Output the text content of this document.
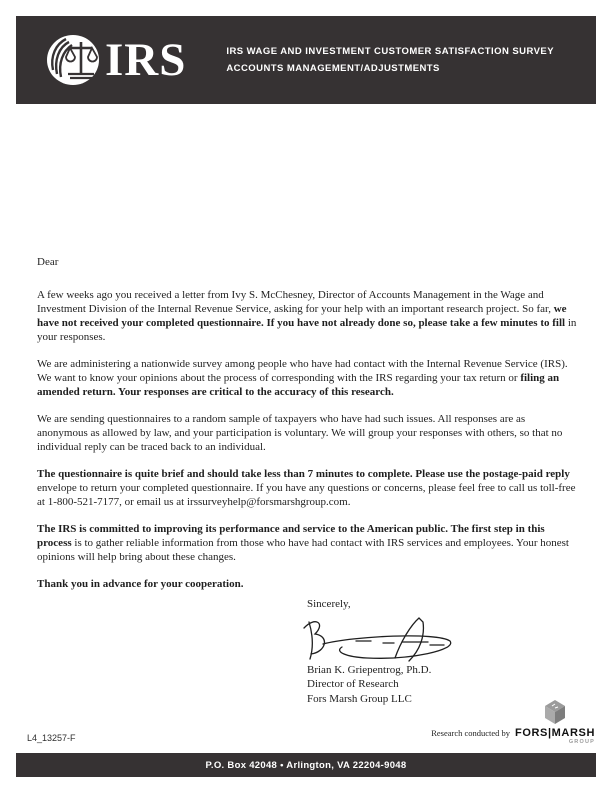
IRS	IRS WAGE AND INVESTMENT CUSTOMER SATISFACTION SURVEY
ACCOUNTS MANAGEMENT/ADJUSTMENTS

Dear

A few weeks ago you received a letter from Ivy S. McChesney, Director of Accounts Management in the Wage and Investment Division of the Internal Revenue Service, asking for your help with an important research project. So far, we have not received your completed questionnaire. If you have not already done so, please take a few minutes to fill in your responses.

We are administering a nationwide survey among people who have had contact with the Internal Revenue Service (IRS). We want to know your opinions about the process of corresponding with the IRS regarding your tax return or filing an amended return. Your responses are critical to the accuracy of this research.

We are sending questionnaires to a random sample of taxpayers who have had such issues. All responses are as anonymous as allowed by law, and your participation is voluntary. We will group your responses with others, so that no individual reply can be traced back to an individual.

The questionnaire is quite brief and should take less than 7 minutes to complete. Please use the postage-paid reply envelope to return your completed questionnaire. If you have any questions or concerns, please feel free to call us toll-free at 1-800-521-7177, or email us at irssurveyhelp@forsmarshgroup.com.

The IRS is committed to improving its performance and service to the American public. The first step in this process is to gather reliable information from those who have had contact with IRS services and employees. Your honest opinions will help bring about these changes.

Thank you in advance for your cooperation.

Sincerely,
Brian K. Griepentrog, Ph.D.
Director of Research
Fors Marsh Group LLC
L4_13257-F	Research conducted by FORS|MARSH
GROUP
P.O. Box 42048 • Arlington, VA 22204-9048
